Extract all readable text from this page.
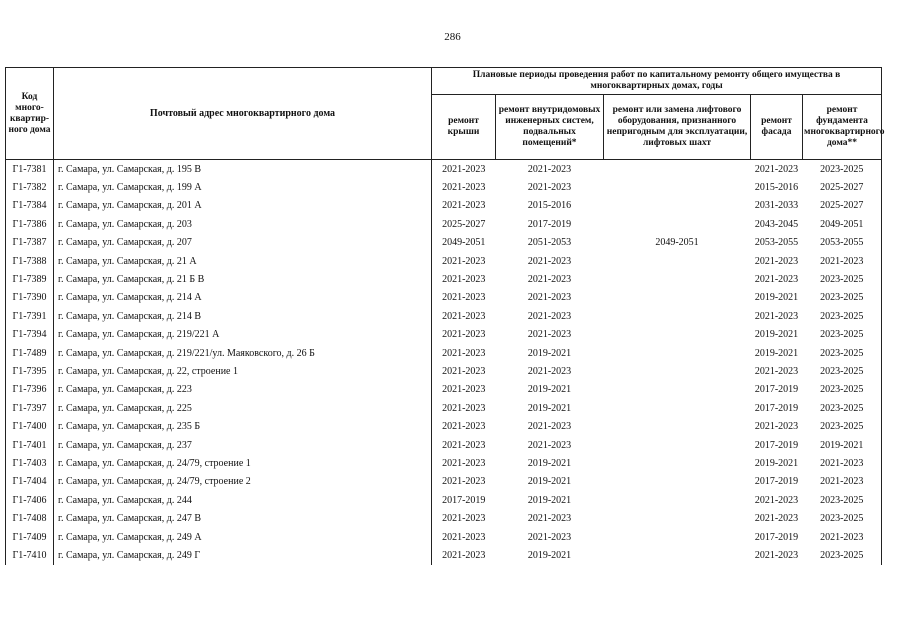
286
Код много-квартир-ного дома	Почтовый адрес многоквартирного дома	Плановые периоды проведения работ по капитальному ремонту общего имущества в многоквартирных домах, годы				
		ремонт крыши	ремонт внутридомовых инженерных систем, подвальных помещений*	ремонт или замена лифтового оборудования, признанного непригодным для эксплуатации, лифтовых шахт	ремонт фасада	ремонт фундамента многоквартирного дома**
Г1-7381	г. Самара, ул. Самарская, д. 195 В	2021-2023	2021-2023		2021-2023	2023-2025
Г1-7382	г. Самара, ул. Самарская, д. 199 А	2021-2023	2021-2023		2015-2016	2025-2027
Г1-7384	г. Самара, ул. Самарская, д. 201 А	2021-2023	2015-2016		2031-2033	2025-2027
Г1-7386	г. Самара, ул. Самарская, д. 203	2025-2027	2017-2019		2043-2045	2049-2051
Г1-7387	г. Самара, ул. Самарская, д. 207	2049-2051	2051-2053	2049-2051	2053-2055	2053-2055
Г1-7388	г. Самара, ул. Самарская, д. 21 А	2021-2023	2021-2023		2021-2023	2021-2023
Г1-7389	г. Самара, ул. Самарская, д. 21 Б В	2021-2023	2021-2023		2021-2023	2023-2025
Г1-7390	г. Самара, ул. Самарская, д. 214 А	2021-2023	2021-2023		2019-2021	2023-2025
Г1-7391	г. Самара, ул. Самарская, д. 214 В	2021-2023	2021-2023		2021-2023	2023-2025
Г1-7394	г. Самара, ул. Самарская, д. 219/221 А	2021-2023	2021-2023		2019-2021	2023-2025
Г1-7489	г. Самара, ул. Самарская, д. 219/221/ул. Маяковского, д. 26 Б	2021-2023	2019-2021		2019-2021	2023-2025
Г1-7395	г. Самара, ул. Самарская, д. 22, строение 1	2021-2023	2021-2023		2021-2023	2023-2025
Г1-7396	г. Самара, ул. Самарская, д. 223	2021-2023	2019-2021		2017-2019	2023-2025
Г1-7397	г. Самара, ул. Самарская, д. 225	2021-2023	2019-2021		2017-2019	2023-2025
Г1-7400	г. Самара, ул. Самарская, д. 235 Б	2021-2023	2021-2023		2021-2023	2023-2025
Г1-7401	г. Самара, ул. Самарская, д. 237	2021-2023	2021-2023		2017-2019	2019-2021
Г1-7403	г. Самара, ул. Самарская, д. 24/79, строение 1	2021-2023	2019-2021		2019-2021	2021-2023
Г1-7404	г. Самара, ул. Самарская, д. 24/79, строение 2	2021-2023	2019-2021		2017-2019	2021-2023
Г1-7406	г. Самара, ул. Самарская, д. 244	2017-2019	2019-2021		2021-2023	2023-2025
Г1-7408	г. Самара, ул. Самарская, д. 247 В	2021-2023	2021-2023		2021-2023	2023-2025
Г1-7409	г. Самара, ул. Самарская, д. 249 А	2021-2023	2021-2023		2017-2019	2021-2023
Г1-7410	г. Самара, ул. Самарская, д. 249 Г	2021-2023	2019-2021		2021-2023	2023-2025
